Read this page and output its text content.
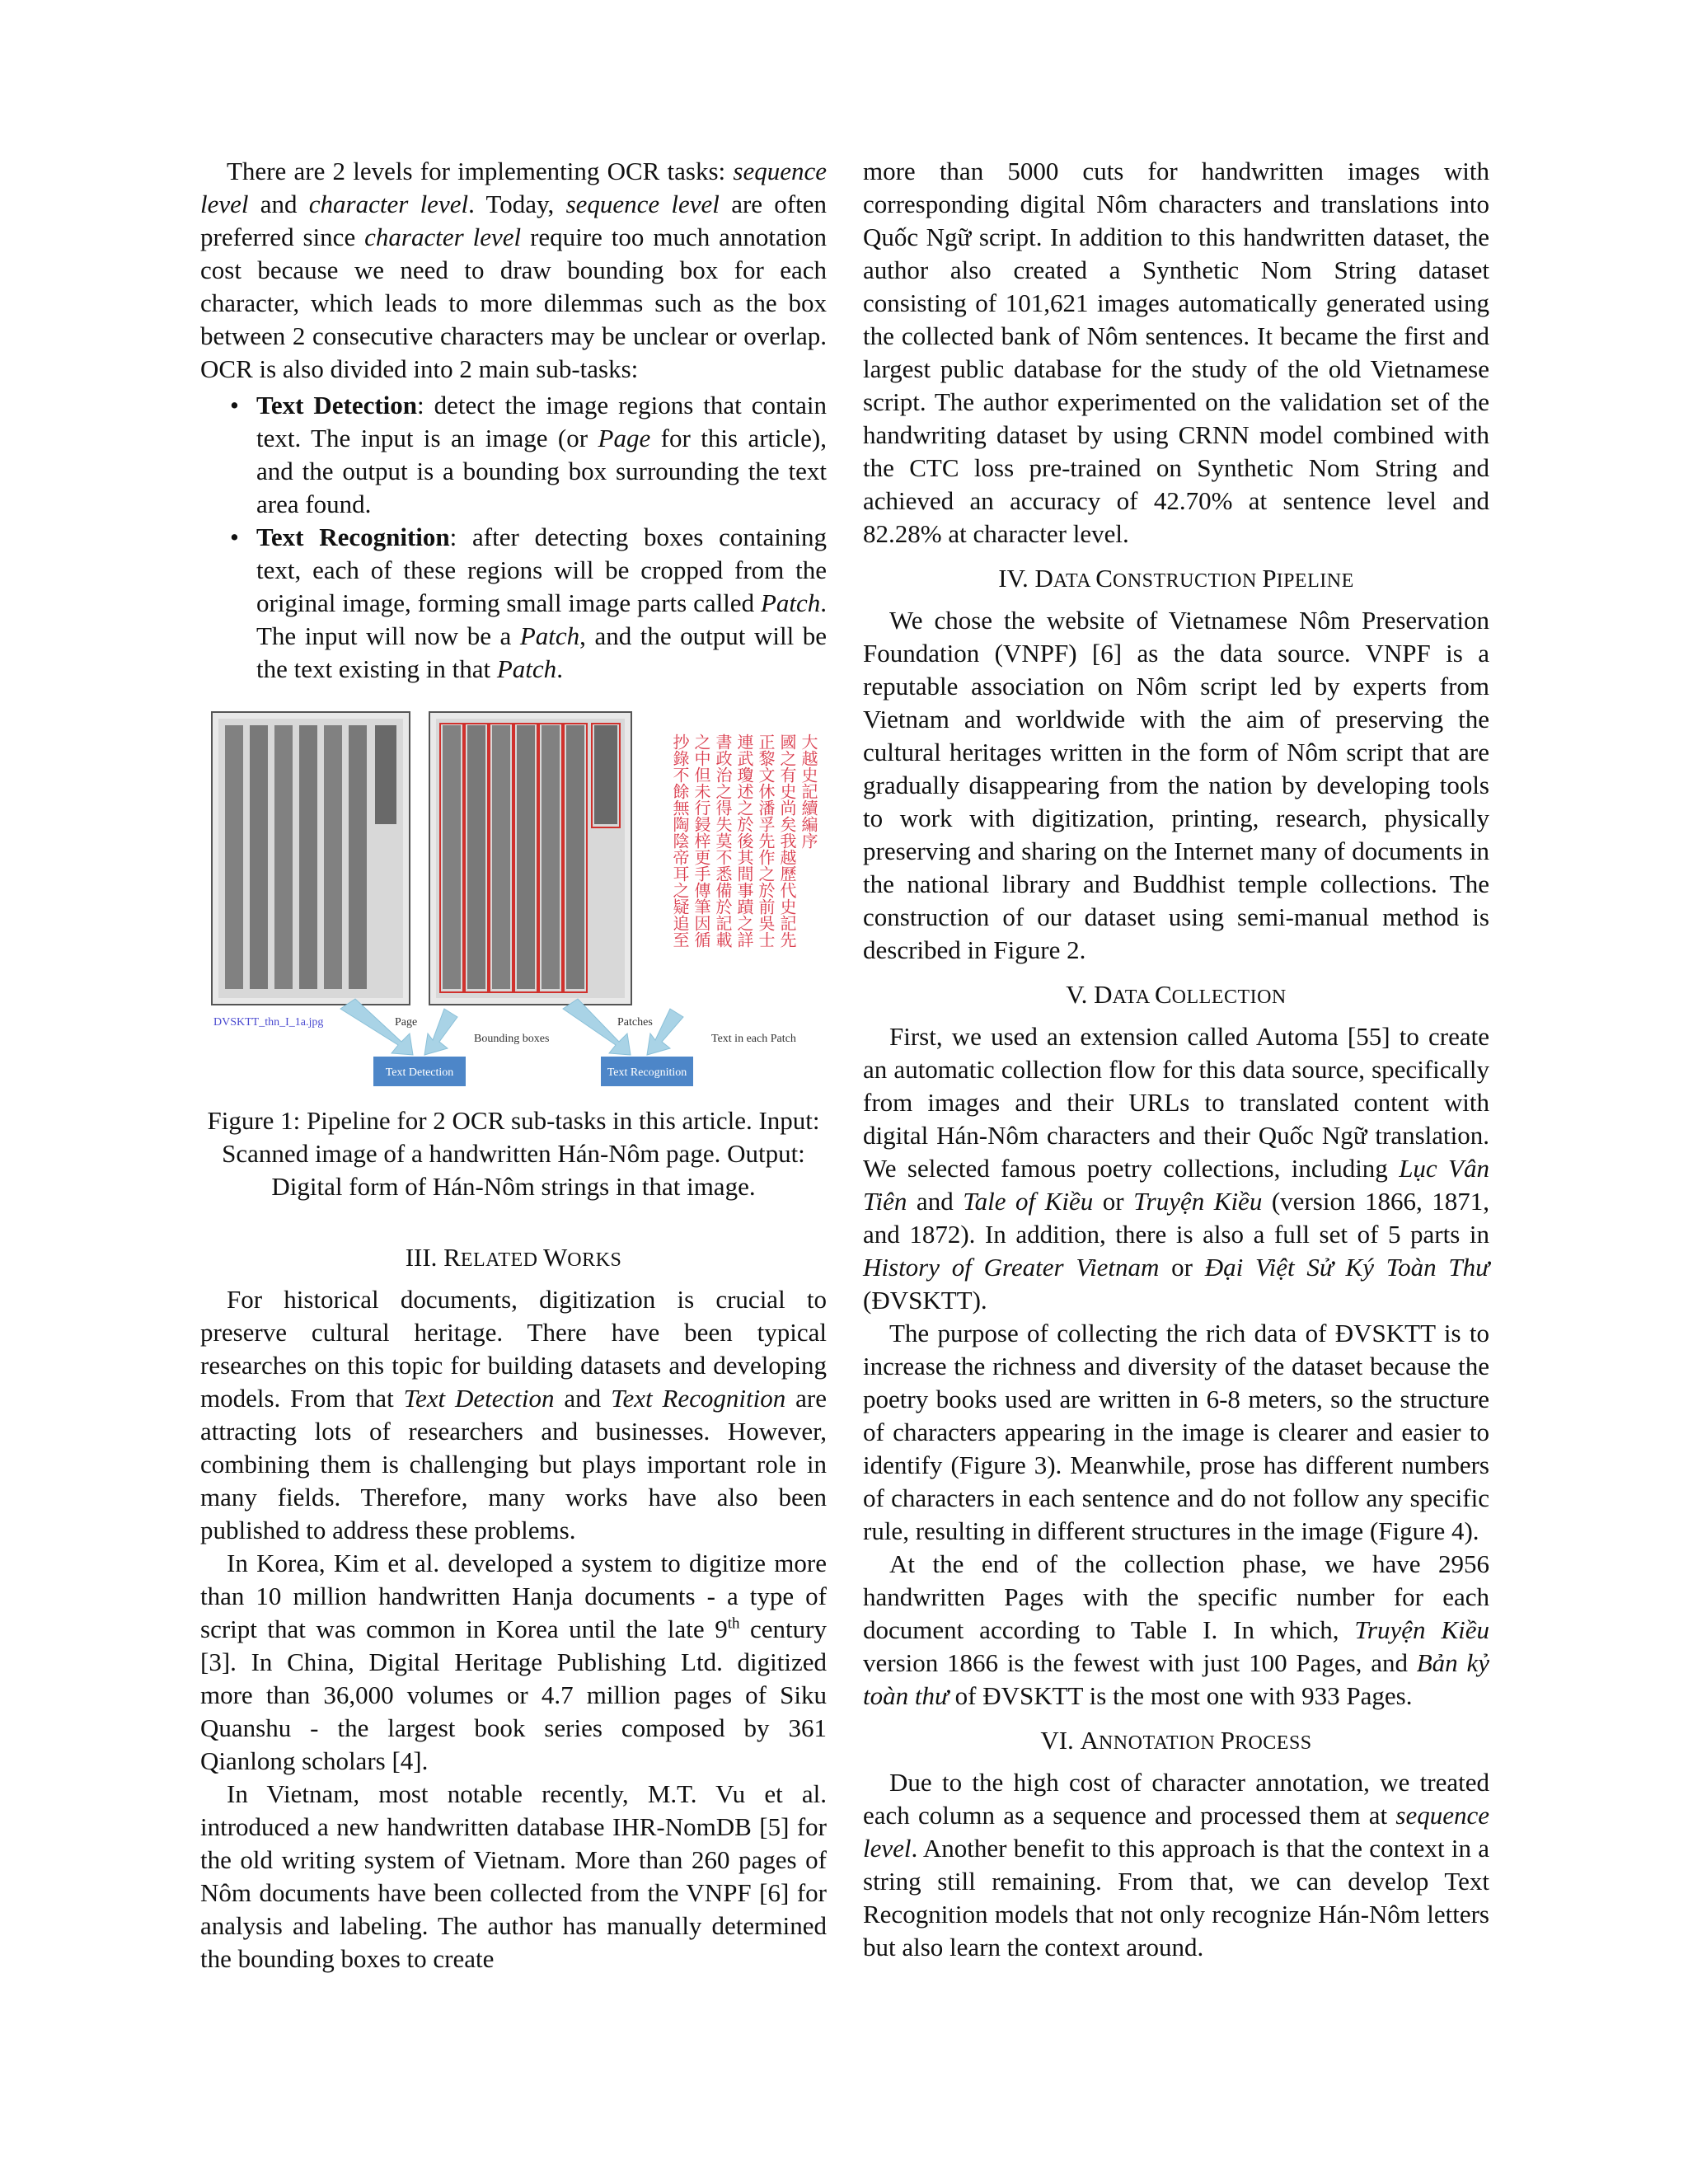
There are 2 levels for implementing OCR tasks: sequence level and character level. Today, sequence level are often preferred since character level require too much annotation cost because we need to draw bounding box for each character, which leads to more dilemmas such as the box between 2 consecutive characters may be unclear or overlap. OCR is also divided into 2 main sub-tasks:

• Text Detection: detect the image regions that contain text. The input is an image (or Page for this article), and the output is a bounding box surrounding the text area found.
• Text Recognition: after detecting boxes containing text, each of these regions will be cropped from the original image, forming small image parts called Patch. The input will now be a Patch, and the output will be the text existing in that Patch.
大越史記續編序
國之有史尚矣我越歷代史記先
正黎文休潘孚先作之於前吳士
連武瓊述之於後其間事蹟之詳
書政治之得失莫不悉備於記載
之中但未行鋟梓更手傳筆因循
抄錄不餘無陶陰帝耳之疑追至
DVSKTT_thn_I_1a.jpg	Page
Bounding boxes
Patches
Text in each Patch
Text Detection	Text Recognition
Figure 1: Pipeline for 2 OCR sub-tasks in this article. Input: Scanned image of a handwritten Hán-Nôm page. Output: Digital form of Hán-Nôm strings in that image.
III. RELATED WORKS

For historical documents, digitization is crucial to preserve cultural heritage. There have been typical researches on this topic for building datasets and developing models. From that Text Detection and Text Recognition are attracting lots of researchers and businesses. However, combining them is challenging but plays important role in many fields. Therefore, many works have also been published to address these problems.

In Korea, Kim et al. developed a system to digitize more than 10 million handwritten Hanja documents - a type of script that was common in Korea until the late 9th century [3]. In China, Digital Heritage Publishing Ltd. digitized more than 36,000 volumes or 4.7 million pages of Siku Quanshu - the largest book series composed by 361 Qianlong scholars [4].

In Vietnam, most notable recently, M.T. Vu et al. introduced a new handwritten database IHR-NomDB [5] for the old writing system of Vietnam. More than 260 pages of Nôm documents have been collected from the VNPF [6] for analysis and labeling. The author has manually determined the bounding boxes to create

more than 5000 cuts for handwritten images with corresponding digital Nôm characters and translations into Quốc Ngữ script. In addition to this handwritten dataset, the author also created a Synthetic Nom String dataset consisting of 101,621 images automatically generated using the collected bank of Nôm sentences. It became the first and largest public database for the study of the old Vietnamese script. The author experimented on the validation set of the handwriting dataset by using CRNN model combined with the CTC loss pre-trained on Synthetic Nom String and achieved an accuracy of 42.70% at sentence level and 82.28% at character level.

IV. DATA CONSTRUCTION PIPELINE

We chose the website of Vietnamese Nôm Preservation Foundation (VNPF) [6] as the data source. VNPF is a reputable association on Nôm script led by experts from Vietnam and worldwide with the aim of preserving the cultural heritages written in the form of Nôm script that are gradually disappearing from the nation by developing tools to work with digitization, printing, research, physically preserving and sharing on the Internet many of documents in the national library and Buddhist temple collections. The construction of our dataset using semi-manual method is described in Figure 2.

V. DATA COLLECTION

First, we used an extension called Automa [55] to create an automatic collection flow for this data source, specifically from images and their URLs to translated content with digital Hán-Nôm characters and their Quốc Ngữ translation. We selected famous poetry collections, including Lục Vân Tiên and Tale of Kiều or Truyện Kiều (version 1866, 1871, and 1872). In addition, there is also a full set of 5 parts in History of Greater Vietnam or Đại Việt Sử Ký Toàn Thư (ĐVSKTT).

The purpose of collecting the rich data of ĐVSKTT is to increase the richness and diversity of the dataset because the poetry books used are written in 6-8 meters, so the structure of characters appearing in the image is clearer and easier to identify (Figure 3). Meanwhile, prose has different numbers of characters in each sentence and do not follow any specific rule, resulting in different structures in the image (Figure 4).

At the end of the collection phase, we have 2956 handwritten Pages with the specific number for each document according to Table I. In which, Truyện Kiều version 1866 is the fewest with just 100 Pages, and Bản kỷ toàn thư of ĐVSKTT is the most one with 933 Pages.

VI. ANNOTATION PROCESS

Due to the high cost of character annotation, we treated each column as a sequence and processed them at sequence level. Another benefit to this approach is that the context in a string still remaining. From that, we can develop Text Recognition models that not only recognize Hán-Nôm letters but also learn the context around.
